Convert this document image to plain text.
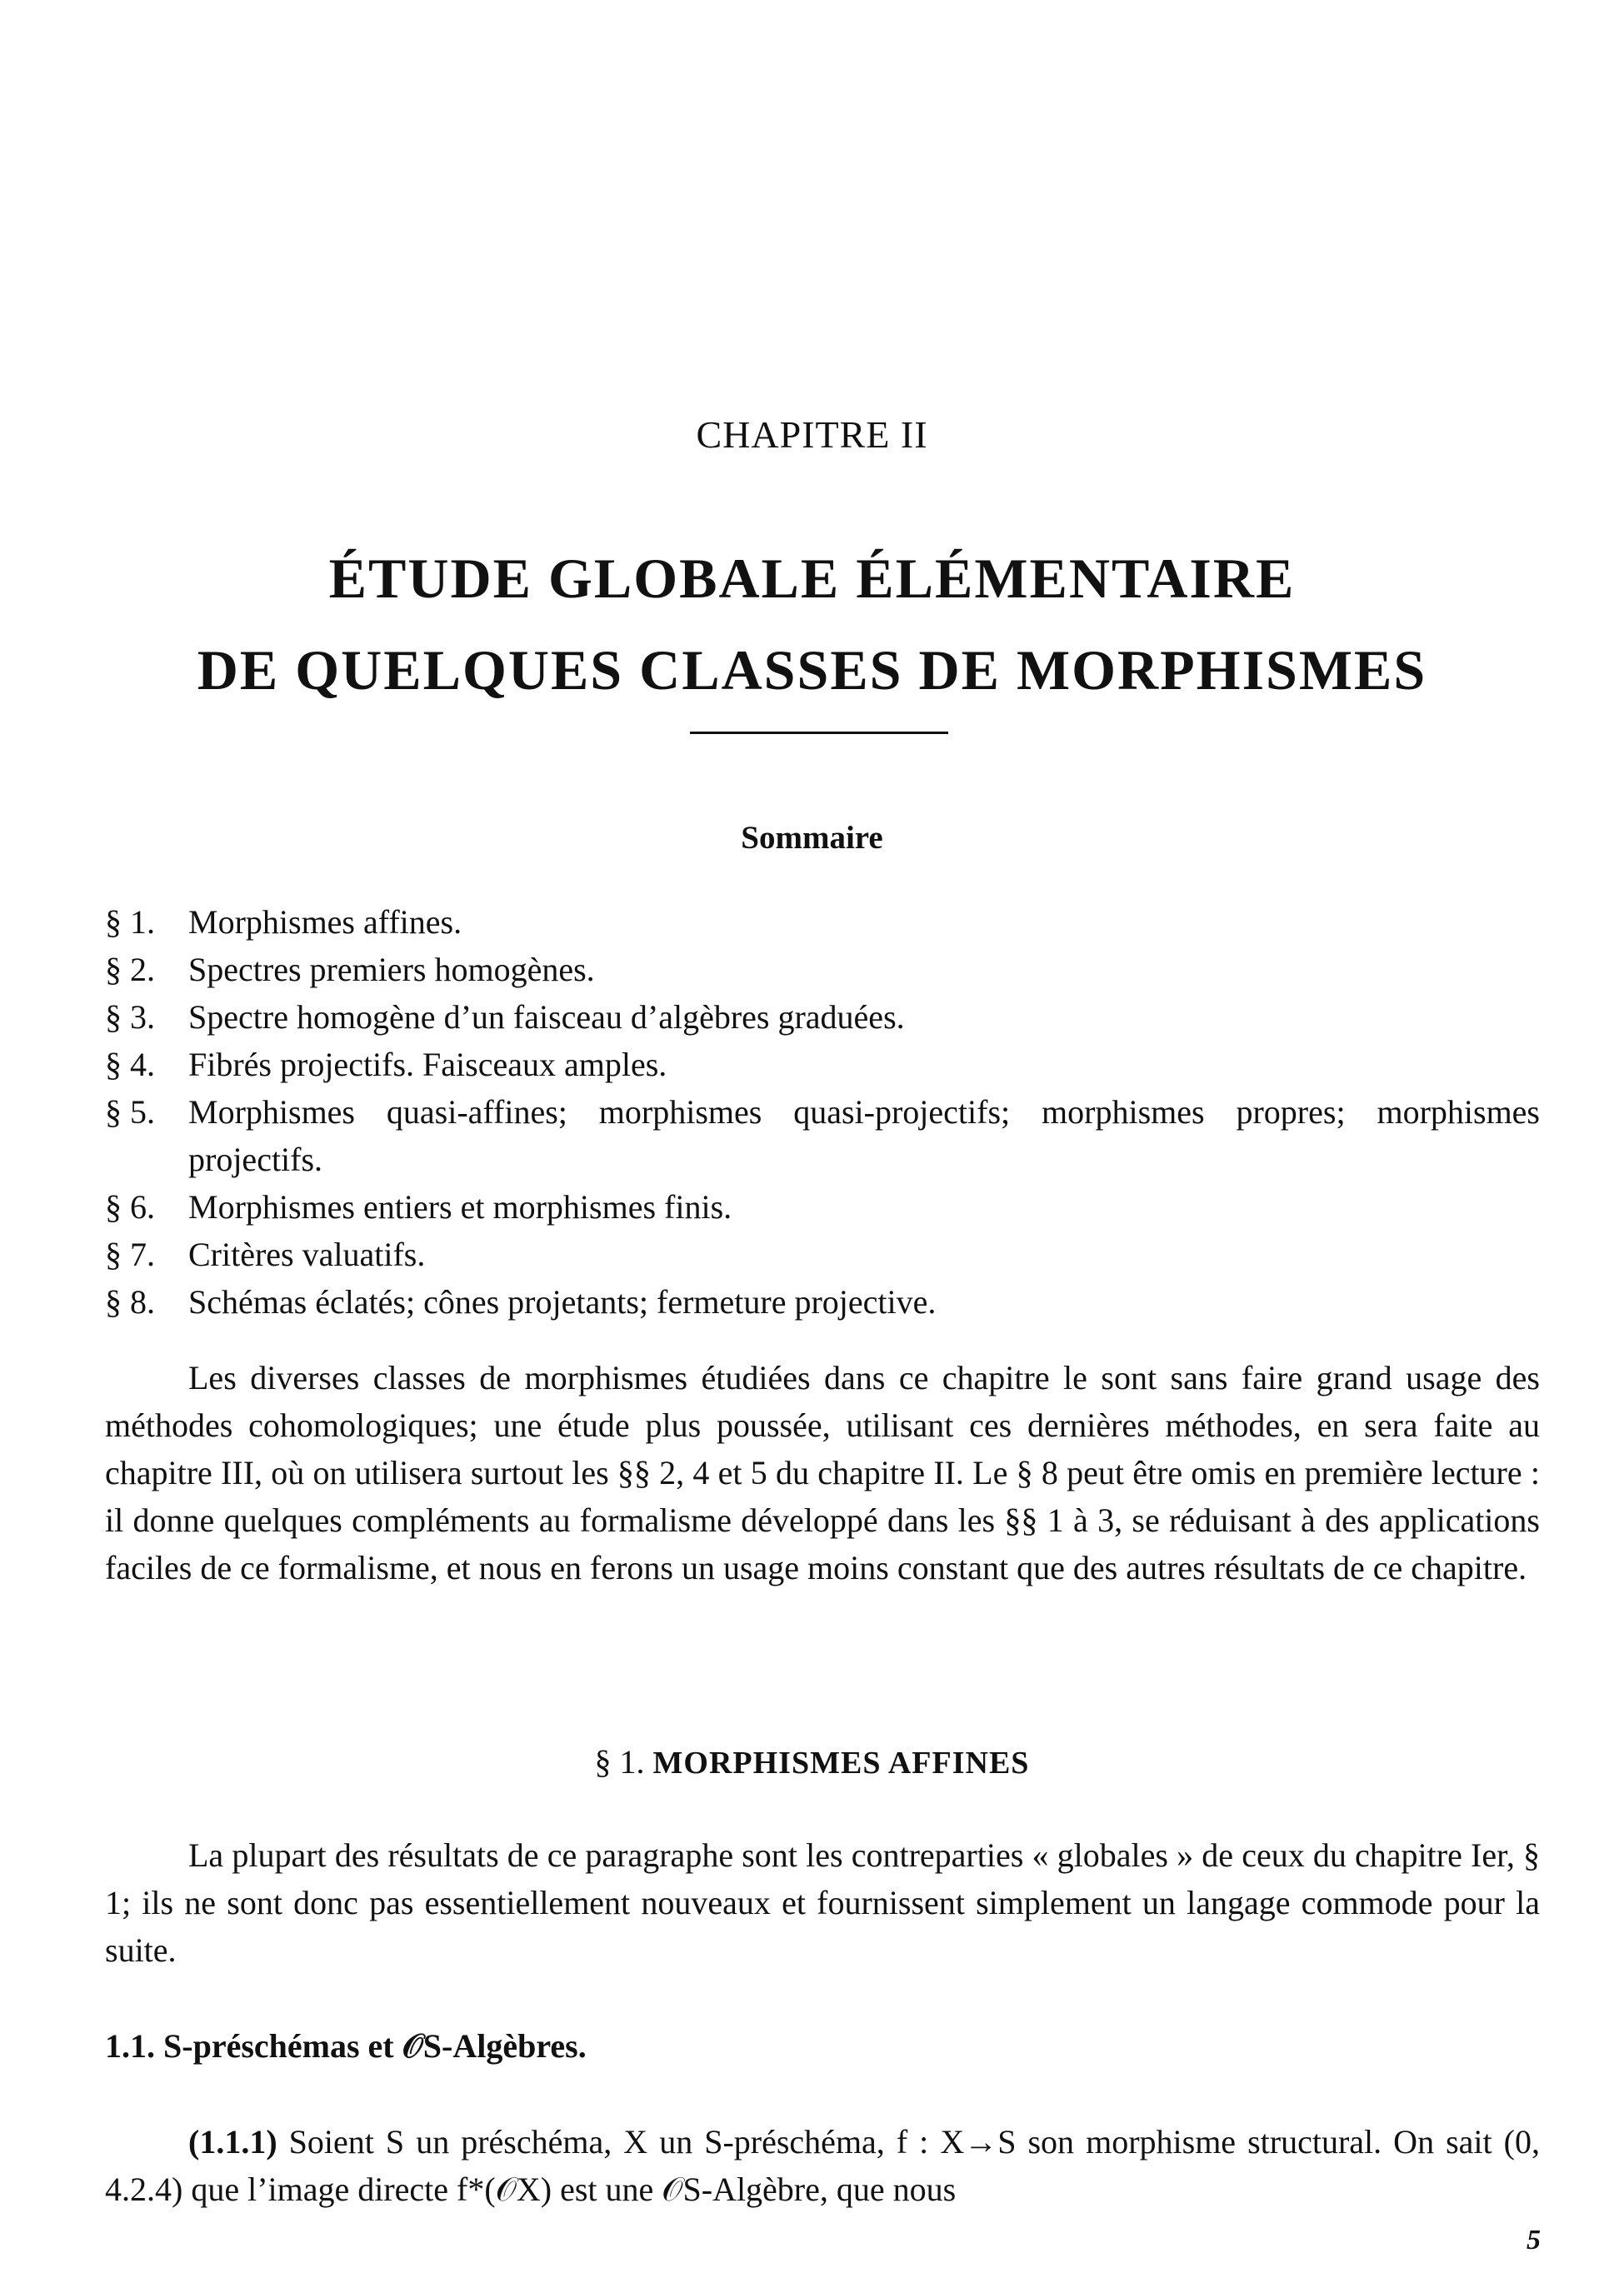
CHAPITRE II
ÉTUDE GLOBALE ÉLÉMENTAIRE
DE QUELQUES CLASSES DE MORPHISMES
Sommaire
§ 1.	Morphismes affines.
§ 2.	Spectres premiers homogènes.
§ 3.	Spectre homogène d’un faisceau d’algèbres graduées.
§ 4.	Fibrés projectifs. Faisceaux amples.
§ 5.	Morphismes quasi-affines; morphismes quasi-projectifs; morphismes propres; morphismes projectifs.
§ 6.	Morphismes entiers et morphismes finis.
§ 7.	Critères valuatifs.
§ 8.	Schémas éclatés; cônes projetants; fermeture projective.

Les diverses classes de morphismes étudiées dans ce chapitre le sont sans faire grand usage des méthodes cohomologiques; une étude plus poussée, utilisant ces dernières méthodes, en sera faite au chapitre III, où on utilisera surtout les §§ 2, 4 et 5 du chapitre II. Le § 8 peut être omis en première lecture : il donne quelques compléments au formalisme développé dans les §§ 1 à 3, se réduisant à des applications faciles de ce formalisme, et nous en ferons un usage moins constant que des autres résultats de ce chapitre.

§ 1. MORPHISMES AFFINES

La plupart des résultats de ce paragraphe sont les contreparties « globales » de ceux du chapitre Ier, § 1; ils ne sont donc pas essentiellement nouveaux et fournissent simplement un langage commode pour la suite.

1.1. S-préschémas et 𝒪S-Algèbres.

(1.1.1) Soient S un préschéma, X un S-préschéma, f : X→S son morphisme structural. On sait (0, 4.2.4) que l’image directe f*(𝒪X) est une 𝒪S-Algèbre, que nous

5
